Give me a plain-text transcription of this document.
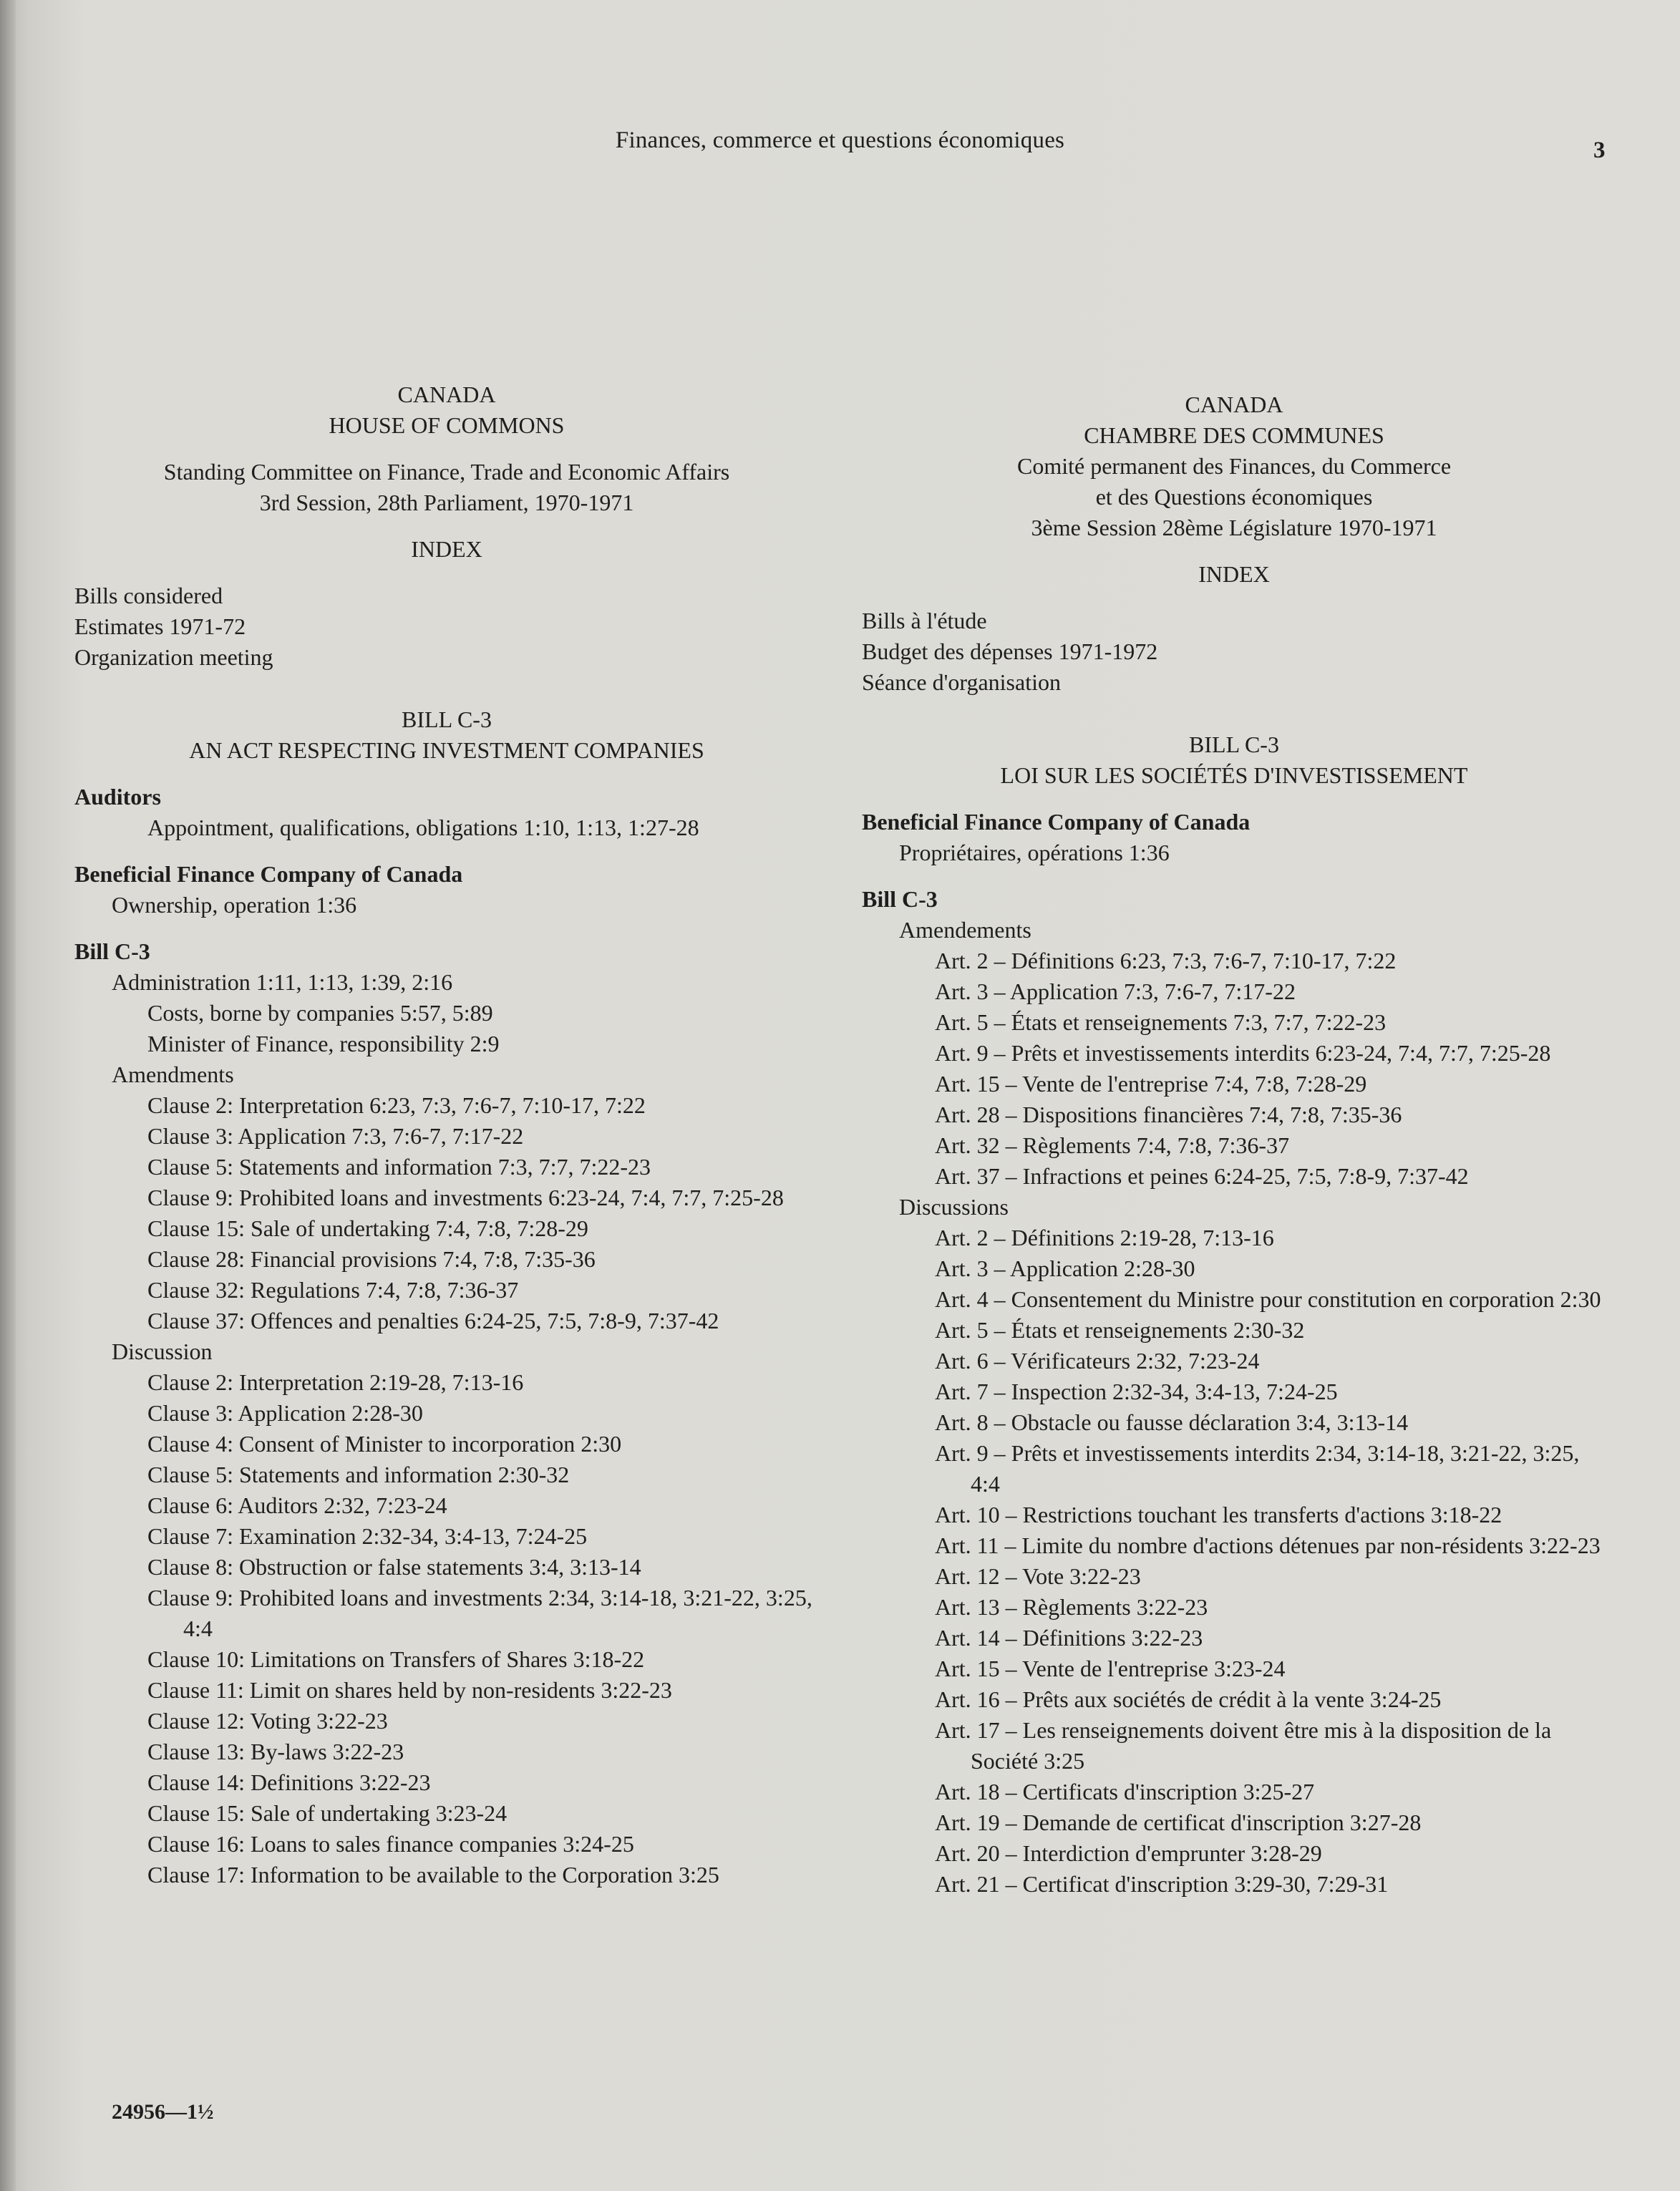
Finances, commerce et questions économiques	3
CANADA
HOUSE OF COMMONS
Standing Committee on Finance, Trade and Economic Affairs
3rd Session, 28th Parliament, 1970-1971
INDEX
Bills considered
Estimates 1971-72
Organization meeting
BILL C-3
AN ACT RESPECTING INVESTMENT COMPANIES
Auditors
Appointment, qualifications, obligations 1:10, 1:13, 1:27-28
Beneficial Finance Company of Canada
Ownership, operation 1:36
Bill C-3
Administration 1:11, 1:13, 1:39, 2:16
Costs, borne by companies 5:57, 5:89
Minister of Finance, responsibility 2:9
Amendments
Clause 2: Interpretation 6:23, 7:3, 7:6-7, 7:10-17, 7:22
Clause 3: Application 7:3, 7:6-7, 7:17-22
Clause 5: Statements and information 7:3, 7:7, 7:22-23
Clause 9: Prohibited loans and investments 6:23-24, 7:4, 7:7, 7:25-28
Clause 15: Sale of undertaking 7:4, 7:8, 7:28-29
Clause 28: Financial provisions 7:4, 7:8, 7:35-36
Clause 32: Regulations 7:4, 7:8, 7:36-37
Clause 37: Offences and penalties 6:24-25, 7:5, 7:8-9, 7:37-42
Discussion
Clause 2: Interpretation 2:19-28, 7:13-16
Clause 3: Application 2:28-30
Clause 4: Consent of Minister to incorporation 2:30
Clause 5: Statements and information 2:30-32
Clause 6: Auditors 2:32, 7:23-24
Clause 7: Examination 2:32-34, 3:4-13, 7:24-25
Clause 8: Obstruction or false statements 3:4, 3:13-14
Clause 9: Prohibited loans and investments 2:34, 3:14-18, 3:21-22, 3:25, 4:4
Clause 10: Limitations on Transfers of Shares 3:18-22
Clause 11: Limit on shares held by non-residents 3:22-23
Clause 12: Voting 3:22-23
Clause 13: By-laws 3:22-23
Clause 14: Definitions 3:22-23
Clause 15: Sale of undertaking 3:23-24
Clause 16: Loans to sales finance companies 3:24-25
Clause 17: Information to be available to the Corporation 3:25
24956—1½
CANADA
CHAMBRE DES COMMUNES
Comité permanent des Finances, du Commerce
et des Questions économiques
3ème Session 28ème Législature 1970-1971
INDEX
Bills à l'étude
Budget des dépenses 1971-1972
Séance d'organisation
BILL C-3
LOI SUR LES SOCIÉTÉS D'INVESTISSEMENT
Beneficial Finance Company of Canada
Propriétaires, opérations 1:36
Bill C-3
Amendements
Art. 2 – Définitions 6:23, 7:3, 7:6-7, 7:10-17, 7:22
Art. 3 – Application 7:3, 7:6-7, 7:17-22
Art. 5 – États et renseignements 7:3, 7:7, 7:22-23
Art. 9 – Prêts et investissements interdits 6:23-24, 7:4, 7:7, 7:25-28
Art. 15 – Vente de l'entreprise 7:4, 7:8, 7:28-29
Art. 28 – Dispositions financières 7:4, 7:8, 7:35-36
Art. 32 – Règlements 7:4, 7:8, 7:36-37
Art. 37 – Infractions et peines 6:24-25, 7:5, 7:8-9, 7:37-42
Discussions
Art. 2 – Définitions 2:19-28, 7:13-16
Art. 3 – Application 2:28-30
Art. 4 – Consentement du Ministre pour constitution en corporation 2:30
Art. 5 – États et renseignements 2:30-32
Art. 6 – Vérificateurs 2:32, 7:23-24
Art. 7 – Inspection 2:32-34, 3:4-13, 7:24-25
Art. 8 – Obstacle ou fausse déclaration 3:4, 3:13-14
Art. 9 – Prêts et investissements interdits 2:34, 3:14-18, 3:21-22, 3:25, 4:4
Art. 10 – Restrictions touchant les transferts d'actions 3:18-22
Art. 11 – Limite du nombre d'actions détenues par non-résidents 3:22-23
Art. 12 – Vote 3:22-23
Art. 13 – Règlements 3:22-23
Art. 14 – Définitions 3:22-23
Art. 15 – Vente de l'entreprise 3:23-24
Art. 16 – Prêts aux sociétés de crédit à la vente 3:24-25
Art. 17 – Les renseignements doivent être mis à la disposition de la Société 3:25
Art. 18 – Certificats d'inscription 3:25-27
Art. 19 – Demande de certificat d'inscription 3:27-28
Art. 20 – Interdiction d'emprunter 3:28-29
Art. 21 – Certificat d'inscription 3:29-30, 7:29-31
